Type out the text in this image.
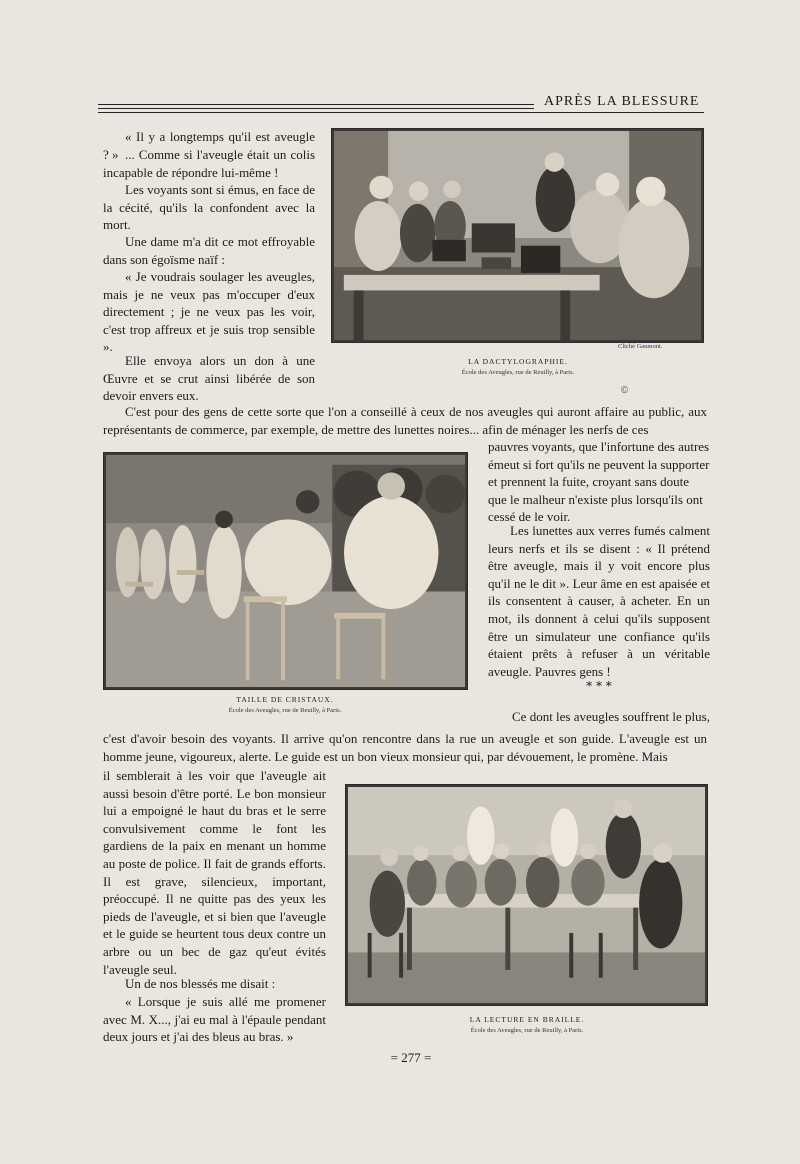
APRÈS LA BLESSURE

« Il y a longtemps qu'il est aveugle ? » ... Comme si l'aveugle était un colis incapable de répondre lui-même !

Les voyants sont si émus, en face de la cécité, qu'ils la confondent avec la mort.

Une dame m'a dit ce mot effroyable dans son égoïsme naïf :

« Je voudrais soulager les aveugles, mais je ne veux pas m'occuper d'eux directement ; je ne veux pas les voir, c'est trop affreux et je suis trop sensible ».

Elle envoya alors un don à une Œuvre et se crut ainsi libérée de son devoir envers eux.

Cliché Gaumont.
LA DACTYLOGRAPHIE.
École des Aveugles, rue de Reuilly, à Paris.
©

C'est pour des gens de cette sorte que l'on a conseillé à ceux de nos aveugles qui auront affaire au public, aux représentants de commerce, par exemple, de mettre des lunettes noires... afin de ménager les nerfs de ces

TAILLE DE CRISTAUX.
École des Aveugles, rue de Reuilly, à Paris.

pauvres voyants, que l'infortune des autres émeut si fort qu'ils ne peuvent la supporter et prennent la fuite, croyant sans doute que le malheur n'existe plus lorsqu'ils ont cessé de le voir.

Les lunettes aux verres fumés calment leurs nerfs et ils se disent : « Il prétend être aveugle, mais il y voit encore plus qu'il ne le dit ». Leur âme en est apaisée et ils consentent à causer, à acheter. En un mot, ils donnent à celui qu'ils supposent être un simulateur une confiance qu'ils étaient prêts à refuser à un véritable aveugle. Pauvres gens !

* * *

Ce dont les aveugles souffrent le plus,

c'est d'avoir besoin des voyants. Il arrive qu'on rencontre dans la rue un aveugle et son guide. L'aveugle est un homme jeune, vigoureux, alerte. Le guide est un bon vieux monsieur qui, par dévouement, le promène. Mais

il semblerait à les voir que l'aveugle ait aussi besoin d'être porté. Le bon monsieur lui a empoigné le haut du bras et le serre convulsivement comme le font les gardiens de la paix en menant un homme au poste de police. Il fait de grands efforts. Il est grave, silencieux, important, préoccupé. Il ne quitte pas des yeux les pieds de l'aveugle, et si bien que l'aveugle et le guide se heurtent tous deux contre un arbre ou un bec de gaz qu'eut évités l'aveugle seul.

Un de nos blessés me disait :

« Lorsque je suis allé me promener avec M. X..., j'ai eu mal à l'épaule pendant deux jours et j'ai des bleus au bras. »

LA LECTURE EN BRAILLE.
École des Aveugles, rue de Reuilly, à Paris.
= 277 =
